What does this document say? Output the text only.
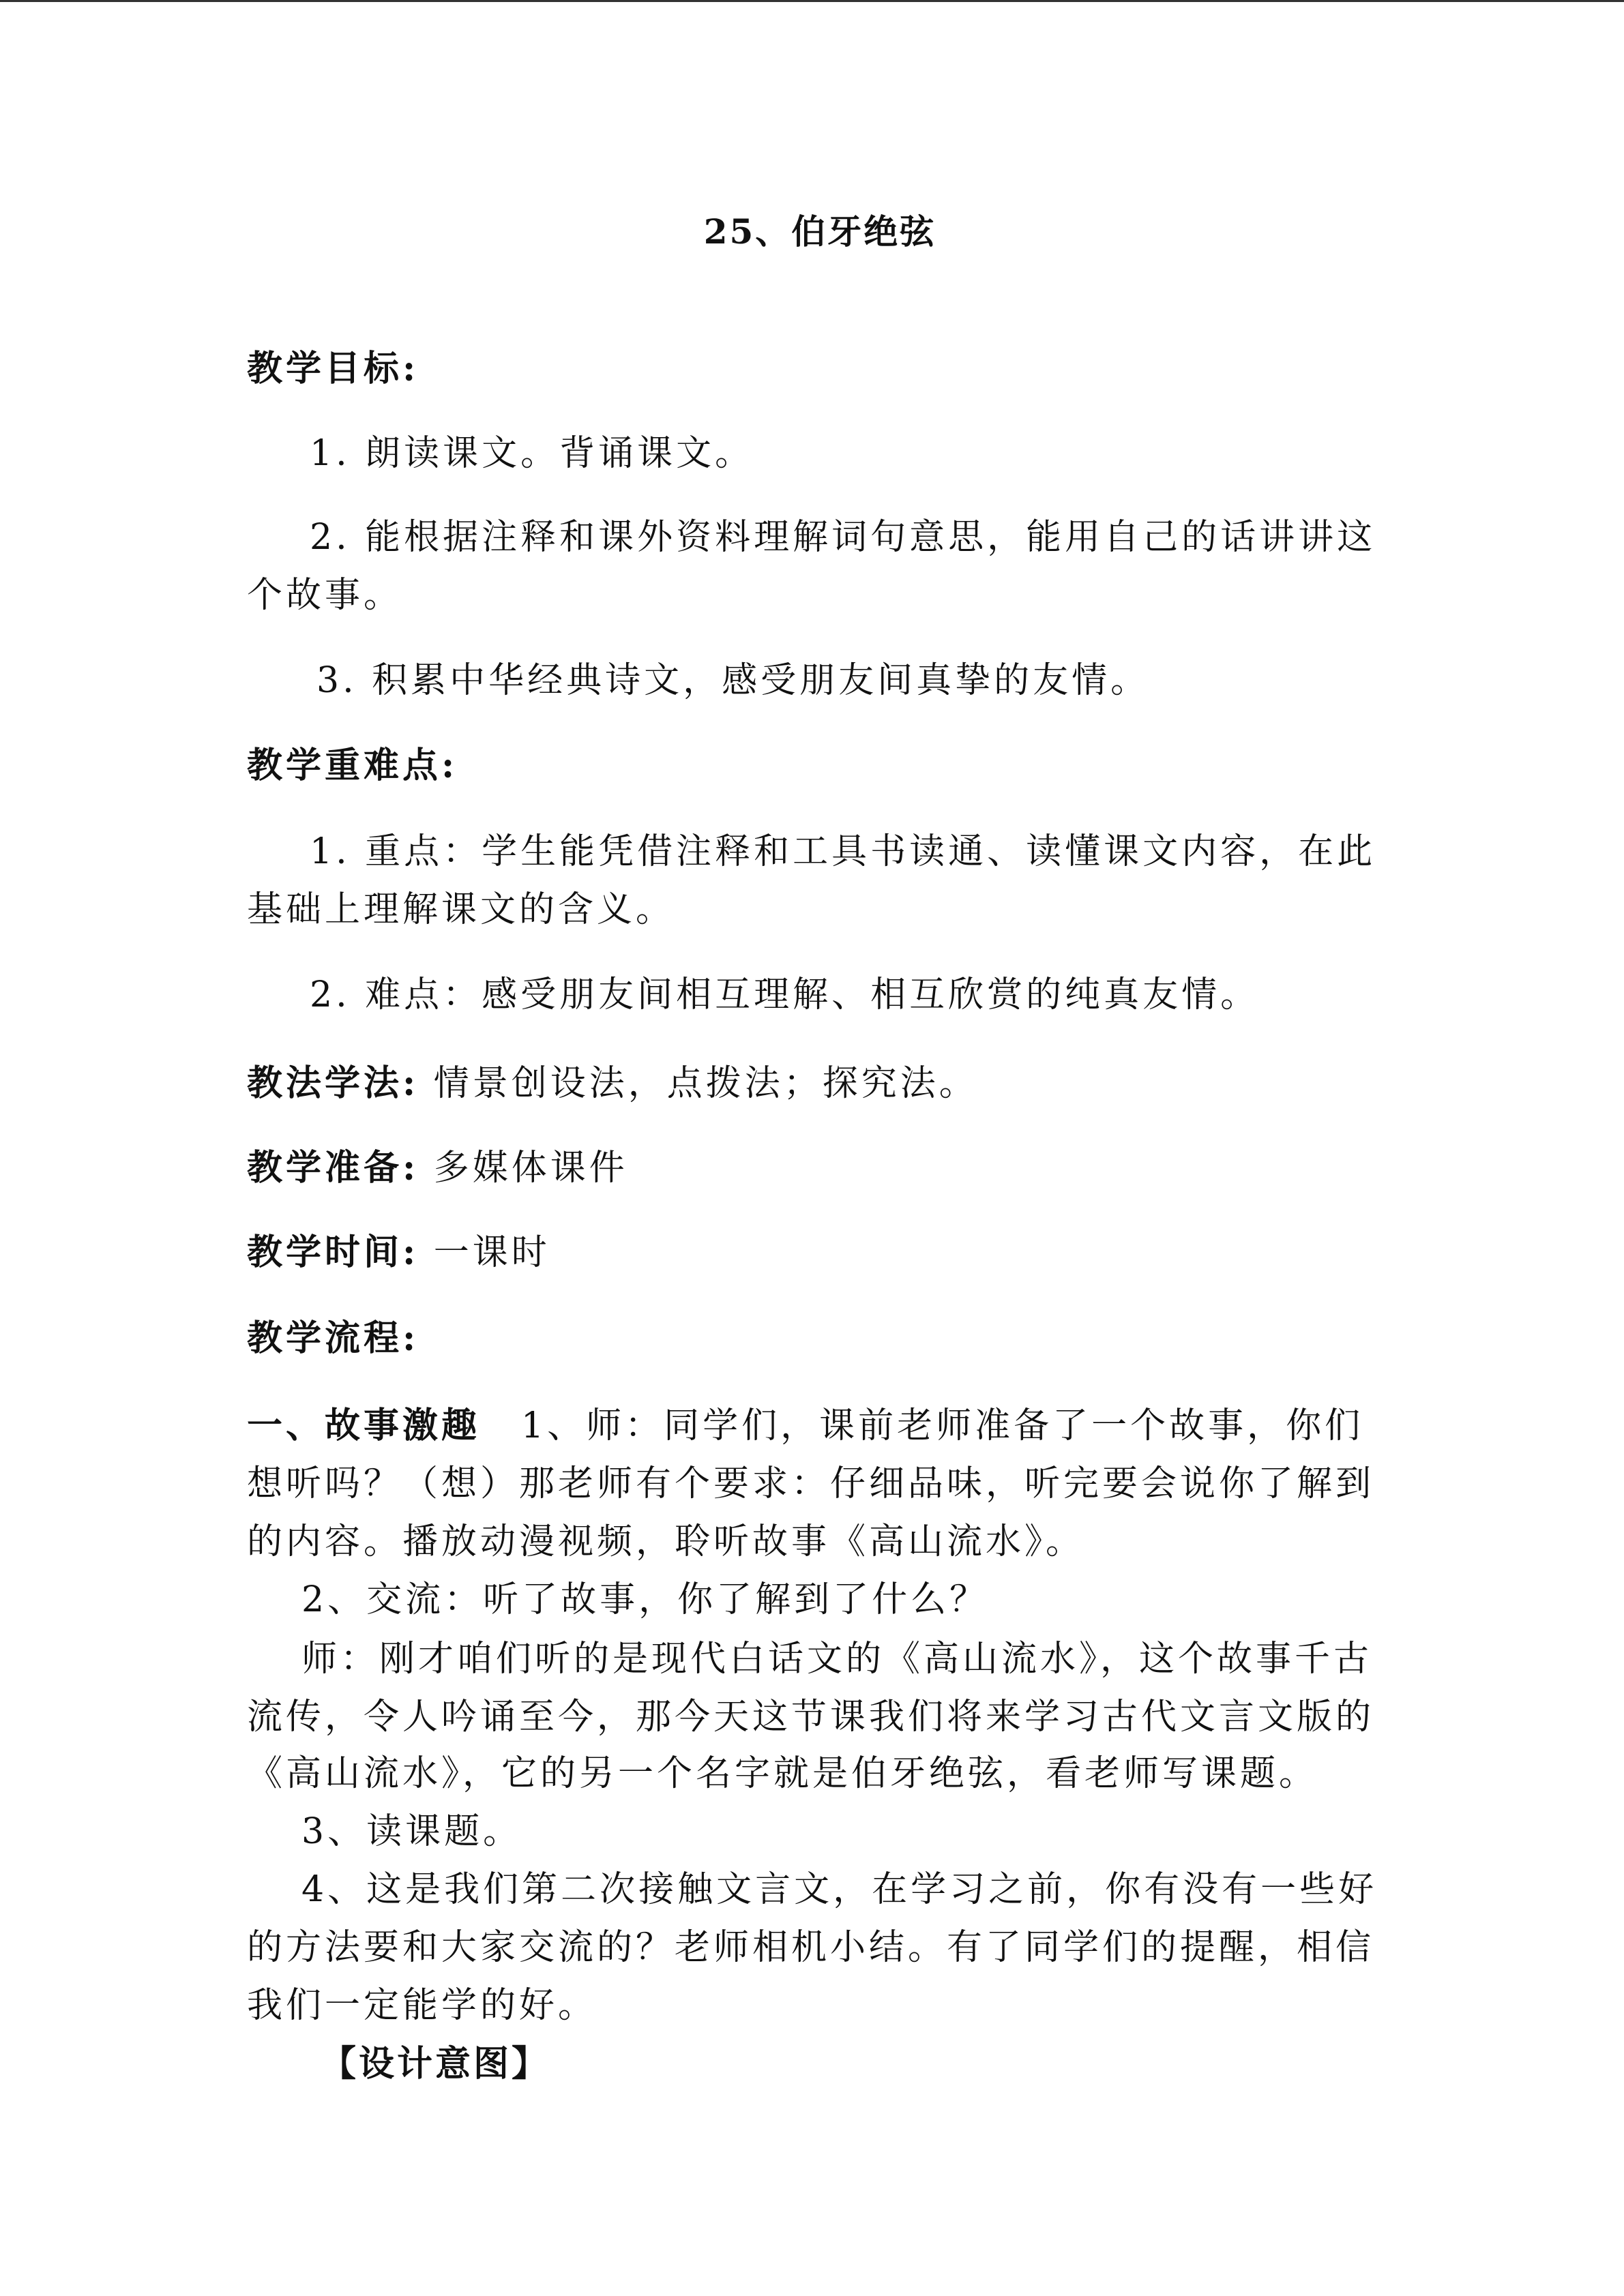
25、伯牙绝弦
教学目标:
1. 朗读课文。背诵课文。
2. 能根据注释和课外资料理解词句意思，能用自己的话讲讲这
个故事。
3. 积累中华经典诗文，感受朋友间真挚的友情。
教学重难点:
1. 重点：学生能凭借注释和工具书读通、读懂课文内容，在此
基础上理解课文的含义。
2. 难点：感受朋友间相互理解、相互欣赏的纯真友情。
教法学法: 情景创设法，点拨法；探究法。
教学准备: 多媒体课件
教学时间: 一课时
教学流程:
一、故事激趣 1、师：同学们，课前老师准备了一个故事，你们
想听吗？（想）那老师有个要求：仔细品味，听完要会说你了解到
的内容。播放动漫视频，聆听故事《高山流水》。
2、交流：听了故事，你了解到了什么？
师：刚才咱们听的是现代白话文的《高山流水》，这个故事千古
流传，令人吟诵至今，那今天这节课我们将来学习古代文言文版的
《高山流水》，它的另一个名字就是伯牙绝弦，看老师写课题。
3、读课题。
4、这是我们第二次接触文言文，在学习之前，你有没有一些好
的方法要和大家交流的？老师相机小结。有了同学们的提醒，相信
我们一定能学的好。
【设计意图】
